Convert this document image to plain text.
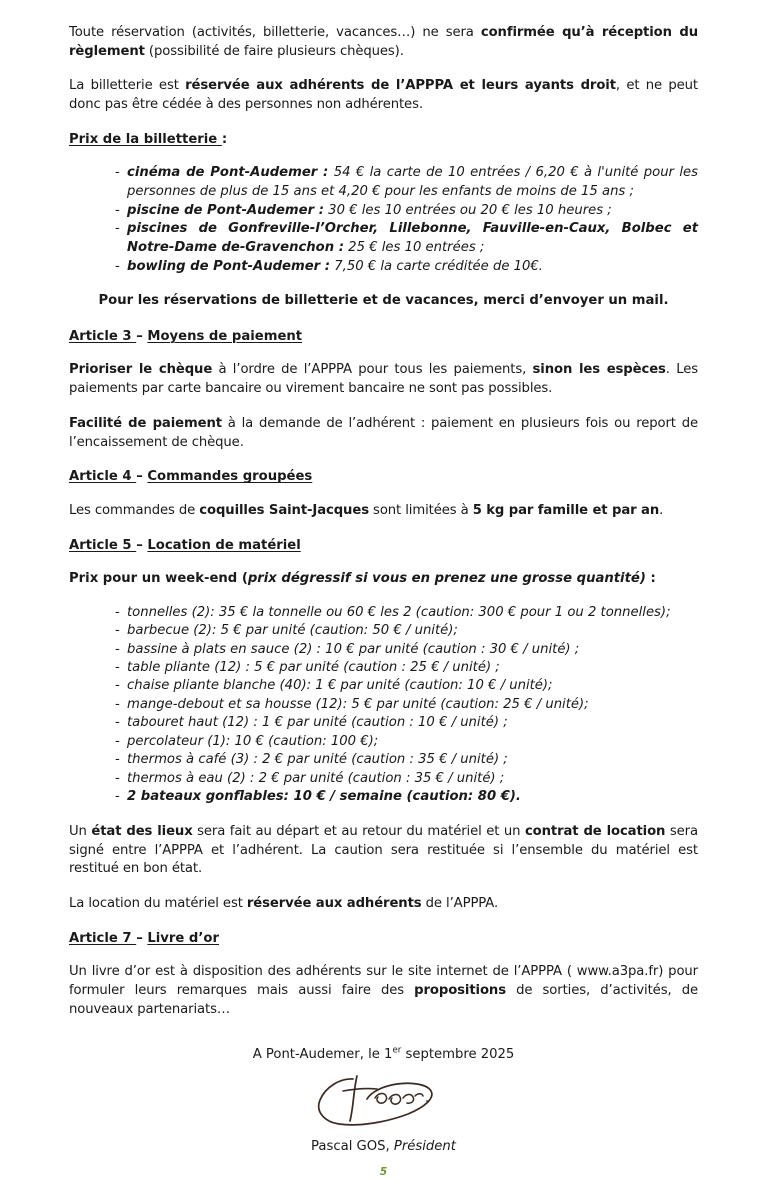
Toute réservation (activités, billetterie, vacances…) ne sera confirmée qu’à réception du règlement (possibilité de faire plusieurs chèques).

La billetterie est réservée aux adhérents de l’APPPA et leurs ayants droit, et ne peut donc pas être cédée à des personnes non adhérentes.

Prix de la billetterie :

- cinéma de Pont-Audemer : 54 € la carte de 10 entrées / 6,20 € à l'unité pour les personnes de plus de 15 ans et 4,20 € pour les enfants de moins de 15 ans ;
- piscine de Pont-Audemer : 30 € les 10 entrées ou 20 € les 10 heures ;
- piscines de Gonfreville-l’Orcher, Lillebonne, Fauville-en-Caux, Bolbec et Notre-Dame de-Gravenchon : 25 € les 10 entrées ;
- bowling de Pont-Audemer : 7,50 € la carte créditée de 10€.

Pour les réservations de billetterie et de vacances, merci d’envoyer un mail.

Article 3 – Moyens de paiement

Prioriser le chèque à l’ordre de l’APPPA pour tous les paiements, sinon les espèces. Les paiements par carte bancaire ou virement bancaire ne sont pas possibles.

Facilité de paiement à la demande de l’adhérent : paiement en plusieurs fois ou report de l’encaissement de chèque.

Article 4 – Commandes groupées

Les commandes de coquilles Saint-Jacques sont limitées à 5 kg par famille et par an.

Article 5 – Location de matériel

Prix pour un week-end (prix dégressif si vous en prenez une grosse quantité) :

- tonnelles (2): 35 € la tonnelle ou 60 € les 2 (caution: 300 € pour 1 ou 2 tonnelles);
- barbecue (2): 5 € par unité (caution: 50 € / unité);
- bassine à plats en sauce (2) : 10 € par unité (caution : 30 € / unité) ;
- table pliante (12) : 5 € par unité (caution : 25 € / unité) ;
- chaise pliante blanche (40): 1 € par unité (caution: 10 € / unité);
- mange-debout et sa housse (12): 5 € par unité (caution: 25 € / unité);
- tabouret haut (12) : 1 € par unité (caution : 10 € / unité) ;
- percolateur (1): 10 € (caution: 100 €);
- thermos à café (3) : 2 € par unité (caution : 35 € / unité) ;
- thermos à eau (2) : 2 € par unité (caution : 35 € / unité) ;
- 2 bateaux gonflables: 10 € / semaine (caution: 80 €).

Un état des lieux sera fait au départ et au retour du matériel et un contrat de location sera signé entre l’APPPA et l’adhérent. La caution sera restituée si l’ensemble du matériel est restitué en bon état.

La location du matériel est réservée aux adhérents de l’APPPA.

Article 7 – Livre d’or

Un livre d’or est à disposition des adhérents sur le site internet de l’APPPA ( www.a3pa.fr) pour formuler leurs remarques mais aussi faire des propositions de sorties, d’activités, de nouveaux partenariats…

A Pont-Audemer, le 1er septembre 2025

Pascal GOS, Président

5
